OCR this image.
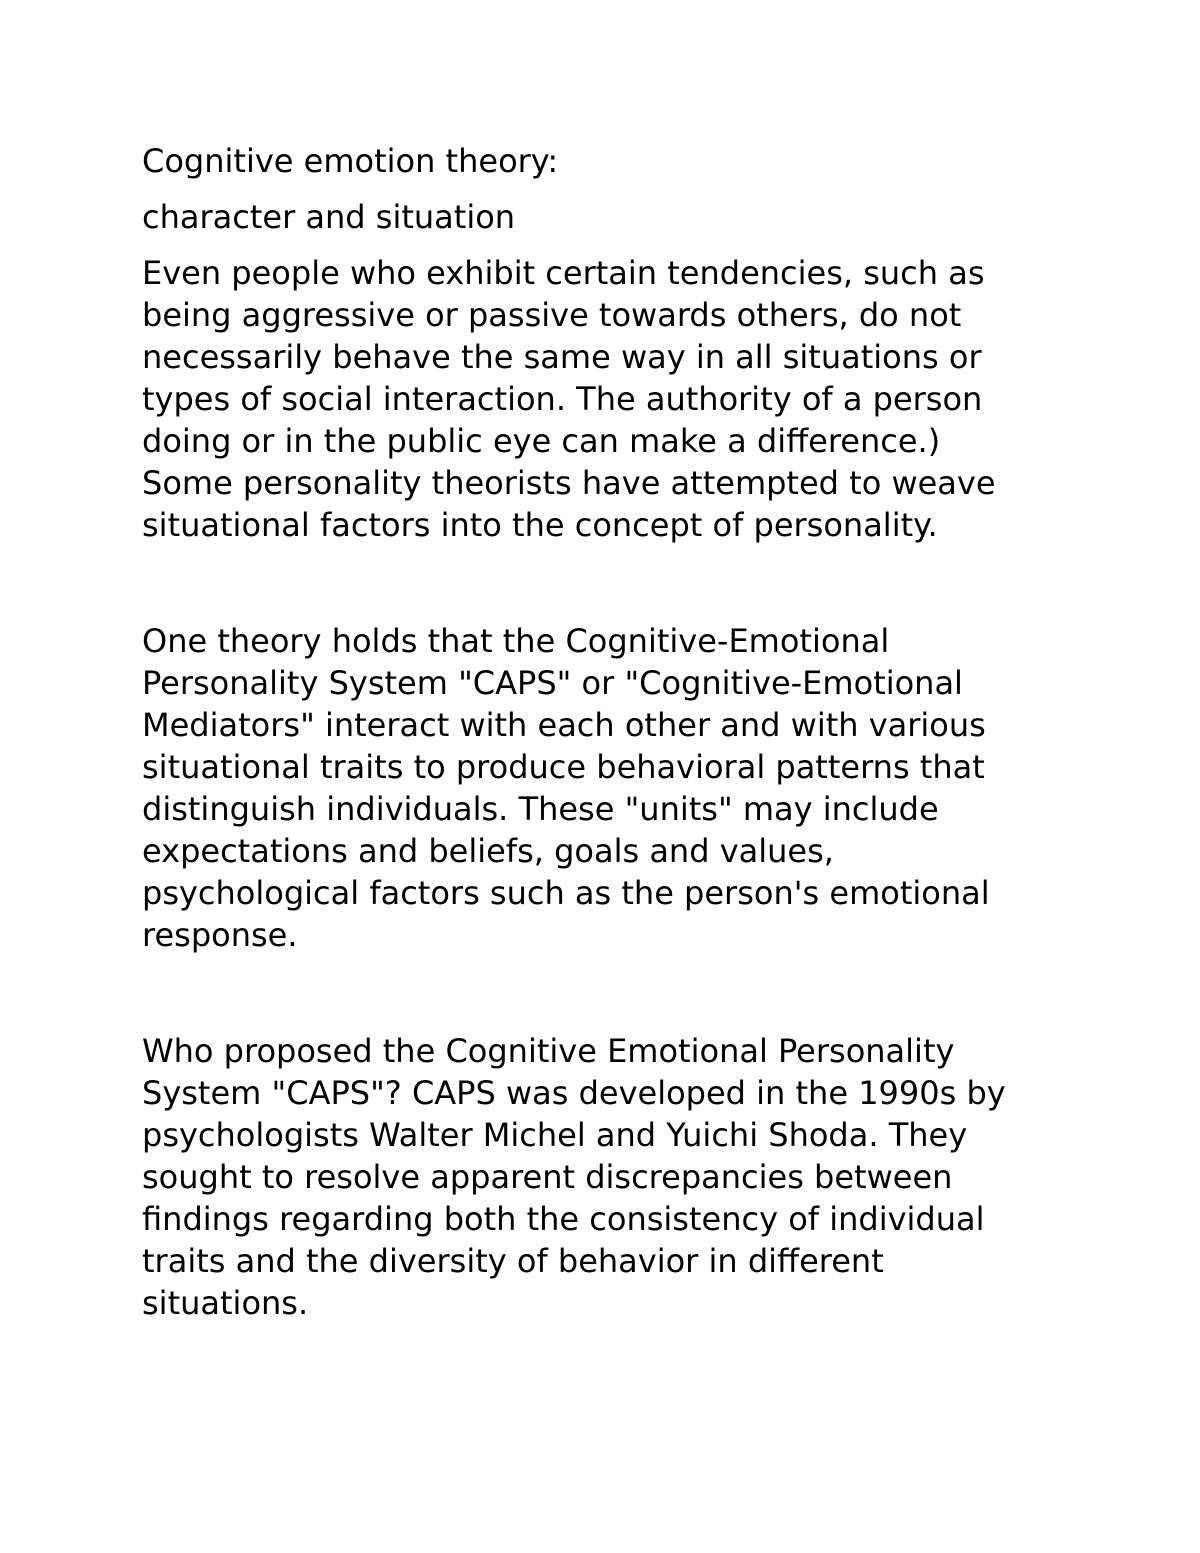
Cognitive emotion theory:

character and situation

Even people who exhibit certain tendencies, such as

being aggressive or passive towards others, do not

necessarily behave the same way in all situations or

types of social interaction. The authority of a person

doing or in the public eye can make a difference.)

Some personality theorists have attempted to weave

situational factors into the concept of personality.

One theory holds that the Cognitive-Emotional

Personality System "CAPS" or "Cognitive-Emotional

Mediators" interact with each other and with various

situational traits to produce behavioral patterns that

distinguish individuals. These "units" may include

expectations and beliefs, goals and values,

psychological factors such as the person's emotional

response.

Who proposed the Cognitive Emotional Personality

System "CAPS"? CAPS was developed in the 1990s by

psychologists Walter Michel and Yuichi Shoda. They

sought to resolve apparent discrepancies between

findings regarding both the consistency of individual

traits and the diversity of behavior in different

situations.
